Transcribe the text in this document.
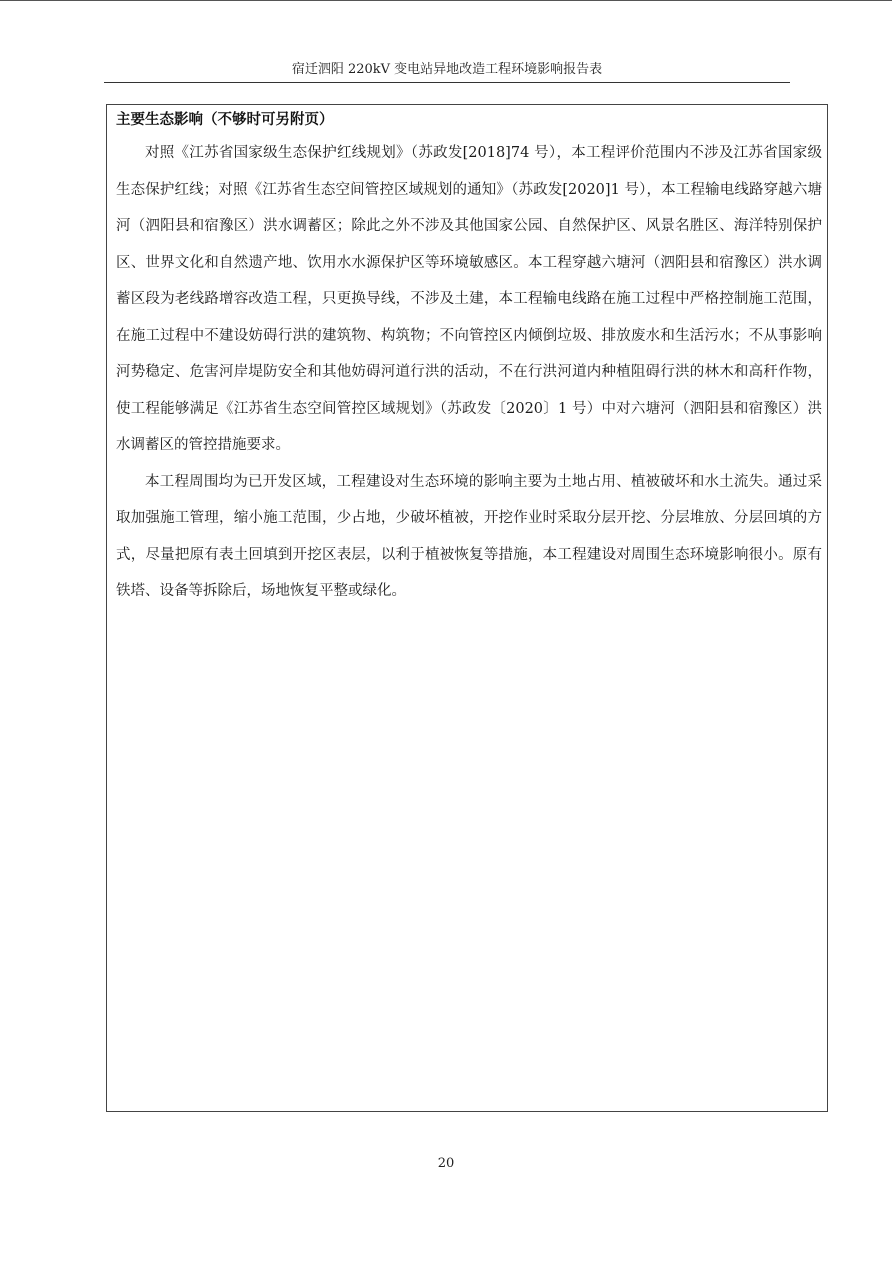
宿迁泗阳 220kV 变电站异地改造工程环境影响报告表
主要生态影响（不够时可另附页）

对照《江苏省国家级生态保护红线规划》（苏政发[2018]74 号），本工程评价范围内不涉及江苏省国家级生态保护红线；对照《江苏省生态空间管控区域规划的通知》（苏政发[2020]1 号），本工程输电线路穿越六塘河（泗阳县和宿豫区）洪水调蓄区；除此之外不涉及其他国家公园、自然保护区、风景名胜区、海洋特别保护区、世界文化和自然遗产地、饮用水水源保护区等环境敏感区。本工程穿越六塘河（泗阳县和宿豫区）洪水调蓄区段为老线路增容改造工程，只更换导线，不涉及土建，本工程输电线路在施工过程中严格控制施工范围，在施工过程中不建设妨碍行洪的建筑物、构筑物；不向管控区内倾倒垃圾、排放废水和生活污水；不从事影响河势稳定、危害河岸堤防安全和其他妨碍河道行洪的活动，不在行洪河道内种植阻碍行洪的林木和高秆作物，使工程能够满足《江苏省生态空间管控区域规划》（苏政发〔2020〕1 号）中对六塘河（泗阳县和宿豫区）洪水调蓄区的管控措施要求。

本工程周围均为已开发区域，工程建设对生态环境的影响主要为土地占用、植被破坏和水土流失。通过采取加强施工管理，缩小施工范围，少占地，少破坏植被，开挖作业时采取分层开挖、分层堆放、分层回填的方式，尽量把原有表土回填到开挖区表层，以利于植被恢复等措施，本工程建设对周围生态环境影响很小。原有铁塔、设备等拆除后，场地恢复平整或绿化。

20
